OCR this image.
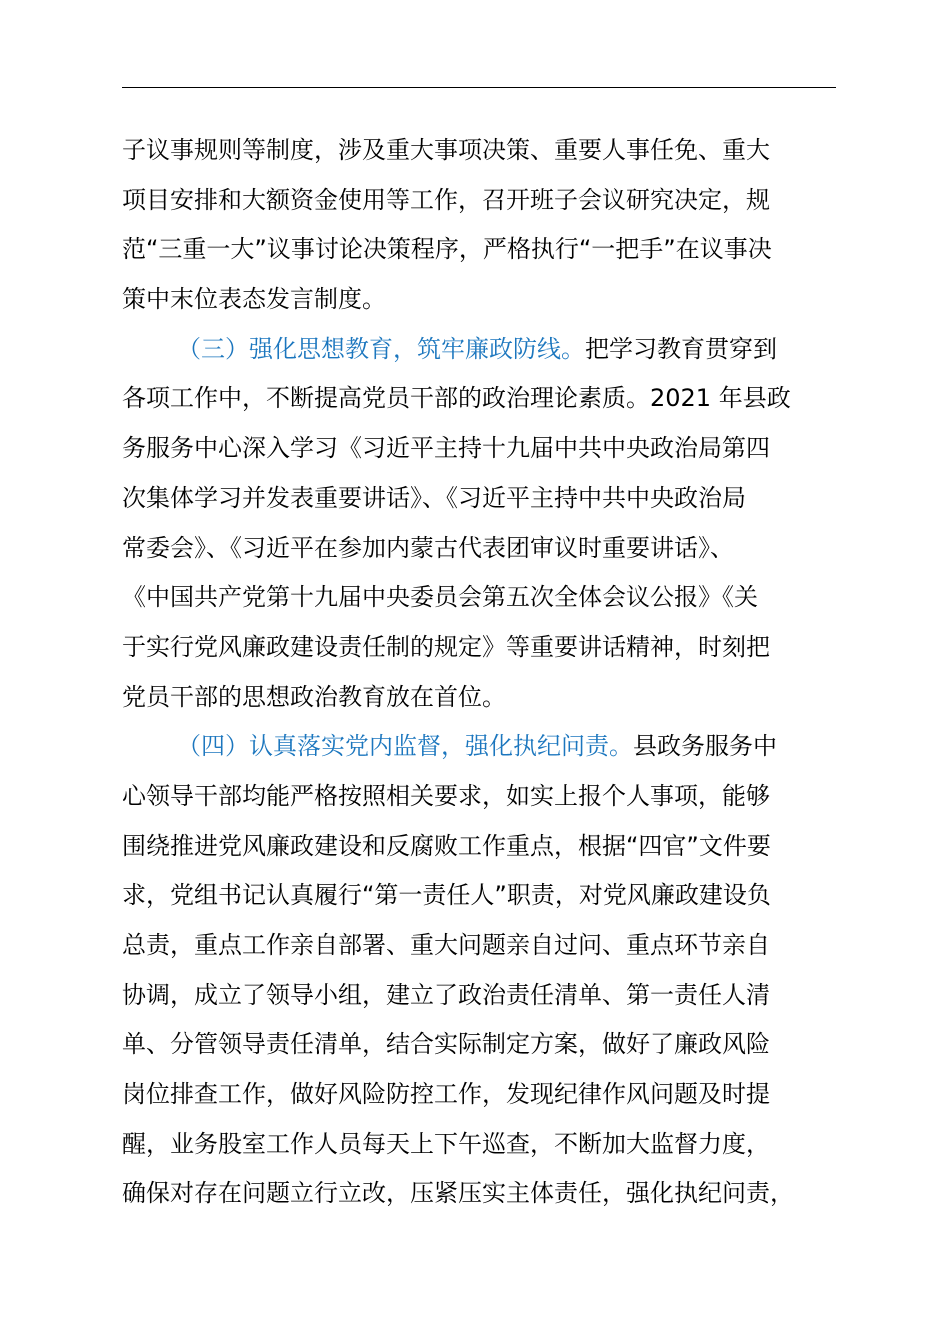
子议事规则等制度，涉及重大事项决策、重要人事任免、重大
项目安排和大额资金使用等工作，召开班子会议研究决定，规
范“三重一大”议事讨论决策程序，严格执行“一把手”在议事决
策中末位表态发言制度。
（三）强化思想教育，筑牢廉政防线。把学习教育贯穿到
各项工作中，不断提高党员干部的政治理论素质。2021 年县政
务服务中心深入学习《习近平主持十九届中共中央政治局第四
次集体学习并发表重要讲话》、《习近平主持中共中央政治局
常委会》、《习近平在参加内蒙古代表团审议时重要讲话》、
《中国共产党第十九届中央委员会第五次全体会议公报》《关
于实行党风廉政建设责任制的规定》等重要讲话精神，时刻把
党员干部的思想政治教育放在首位。
（四）认真落实党内监督，强化执纪问责。县政务服务中
心领导干部均能严格按照相关要求，如实上报个人事项，能够
围绕推进党风廉政建设和反腐败工作重点，根据“四官”文件要
求，党组书记认真履行“第一责任人”职责，对党风廉政建设负
总责，重点工作亲自部署、重大问题亲自过问、重点环节亲自
协调，成立了领导小组，建立了政治责任清单、第一责任人清
单、分管领导责任清单，结合实际制定方案，做好了廉政风险
岗位排查工作，做好风险防控工作，发现纪律作风问题及时提
醒，业务股室工作人员每天上下午巡查，不断加大监督力度，
确保对存在问题立行立改，压紧压实主体责任，强化执纪问责，
